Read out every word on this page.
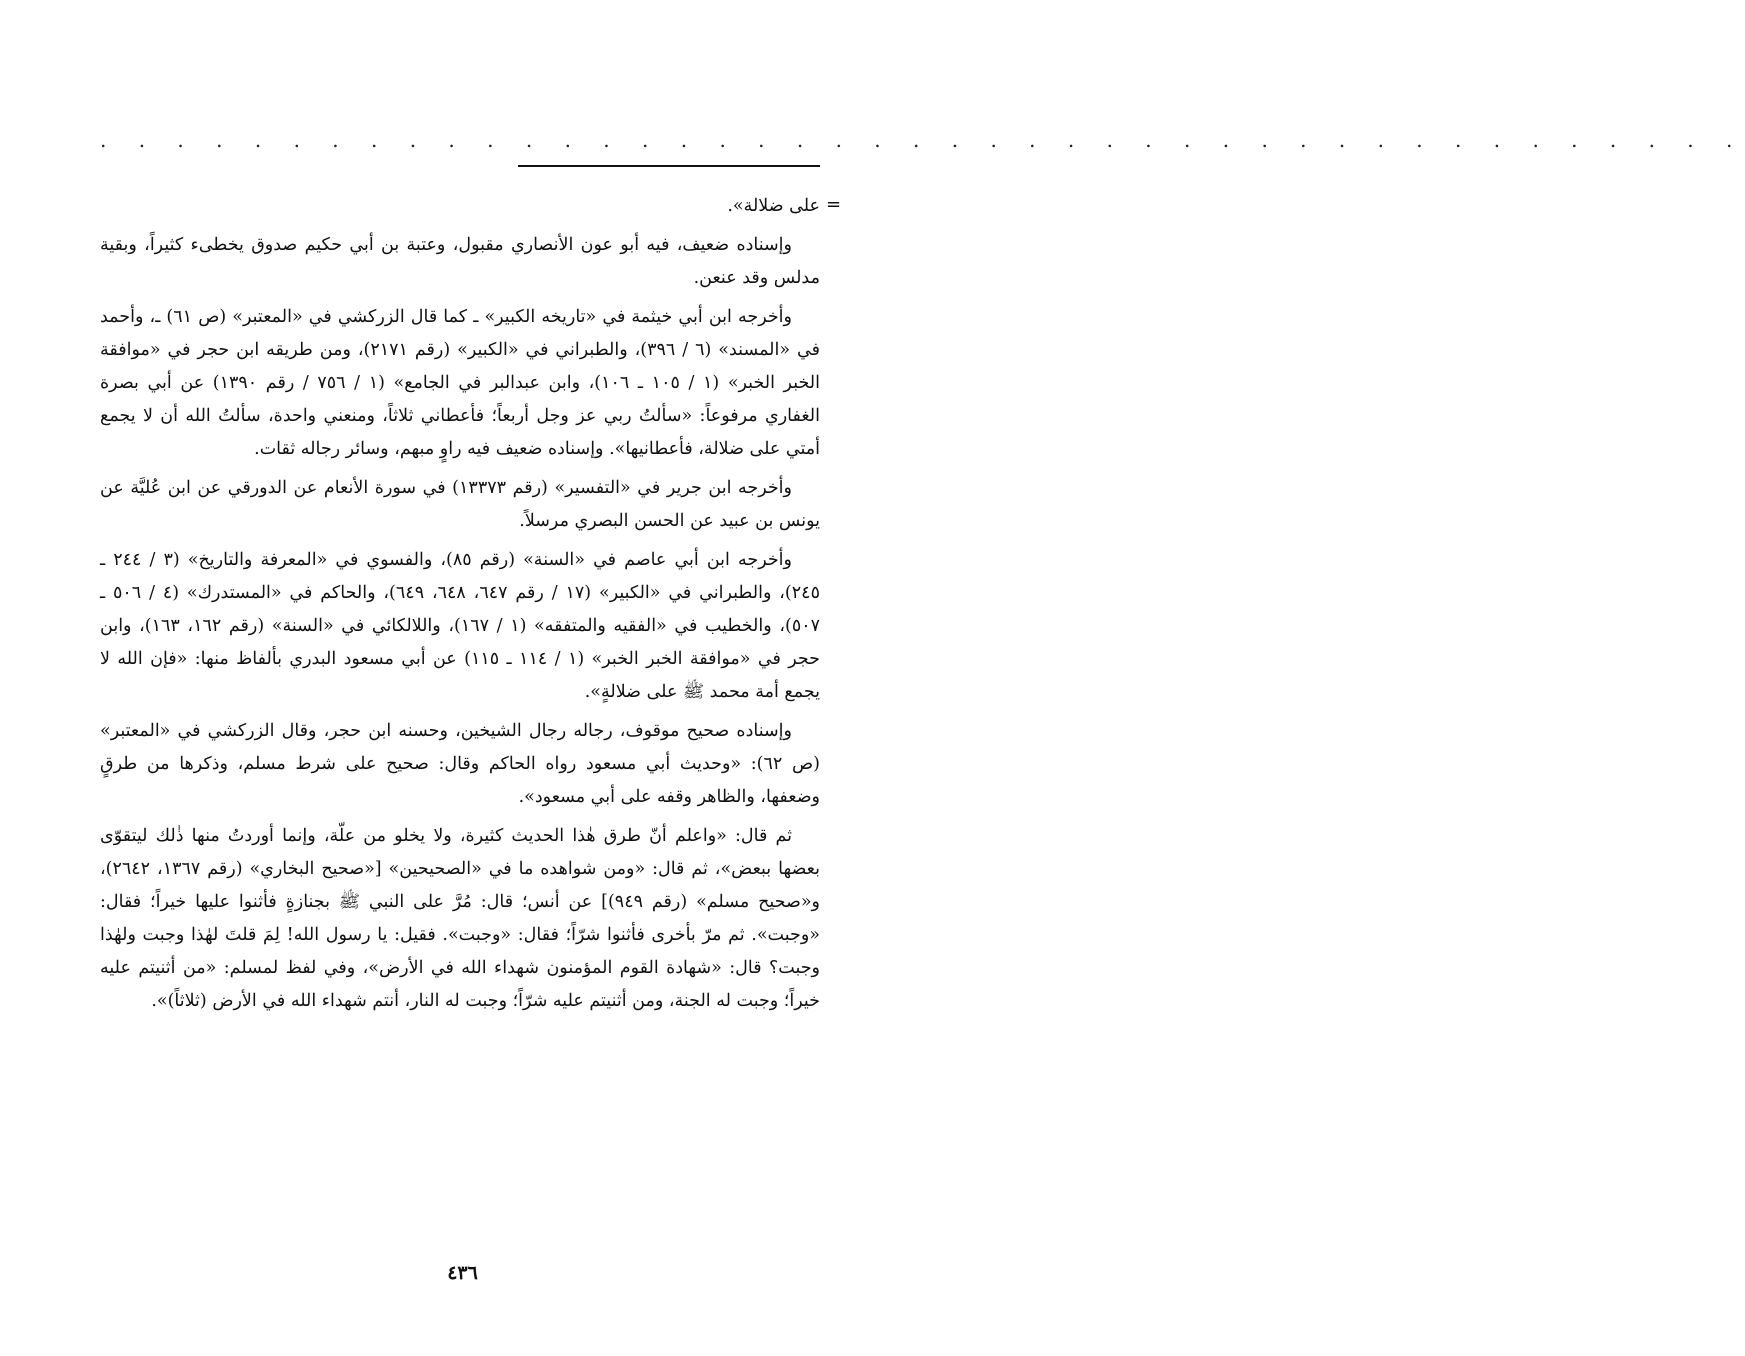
. . . . . . . . . . . . . . . . . . . . . . . . . . . . . . . . . . . . . . . . . . .
=

على ضلالة».

وإسناده ضعيف، فيه أبو عون الأنصاري مقبول، وعتبة بن أبي حكيم صدوق يخطىء كثيراً، وبقية مدلس وقد عنعن.

وأخرجه ابن أبي خيثمة في «تاريخه الكبير» ـ كما قال الزركشي في «المعتبر» (ص ٦١) ـ، وأحمد في «المسند» (٦ / ٣٩٦)، والطبراني في «الكبير» (رقم ٢١٧١)، ومن طريقه ابن حجر في «موافقة الخبر الخبر» (١ / ١٠٥ ـ ١٠٦)، وابن عبدالبر في الجامع» (١ / ٧٥٦ / رقم ١٣٩٠) عن أبي بصرة الغفاري مرفوعاً: «سألتُ ربي عز وجل أربعاً؛ فأعطاني ثلاثاً، ومنعني واحدة، سألتُ الله أن لا يجمع أمتي على ضلالة، فأعطانيها». وإسناده ضعيف فيه راوٍ مبهم، وسائر رجاله ثقات.

وأخرجه ابن جرير في «التفسير» (رقم ١٣٣٧٣) في سورة الأنعام عن الدورقي عن ابن عُليَّة عن يونس بن عبيد عن الحسن البصري مرسلاً.

وأخرجه ابن أبي عاصم في «السنة» (رقم ٨٥)، والفسوي في «المعرفة والتاريخ» (٣ / ٢٤٤ ـ ٢٤٥)، والطبراني في «الكبير» (١٧ / رقم ٦٤٧، ٦٤٨، ٦٤٩)، والحاكم في «المستدرك» (٤ / ٥٠٦ ـ ٥٠٧)، والخطيب في «الفقيه والمتفقه» (١ / ١٦٧)، واللالكائي في «السنة» (رقم ١٦٢، ١٦٣)، وابن حجر في «موافقة الخبر الخبر» (١ / ١١٤ ـ ١١٥) عن أبي مسعود البدري بألفاظ منها: «فإن الله لا يجمع أمة محمد ﷺ على ضلالةٍ».

وإسناده صحيح موقوف، رجاله رجال الشيخين، وحسنه ابن حجر، وقال الزركشي في «المعتبر» (ص ٦٢): «وحديث أبي مسعود رواه الحاكم وقال: صحيح على شرط مسلم، وذكرها من طرقٍ وضعفها، والظاهر وقفه على أبي مسعود».

ثم قال: «واعلم أنّ طرق هٰذا الحديث كثيرة، ولا يخلو من علّة، وإنما أوردتُ منها ذٰلك ليتقوّى بعضها ببعض»، ثم قال: «ومن شواهده ما في «الصحيحين» [«صحيح البخاري» (رقم ١٣٦٧، ٢٦٤٢)، و«صحيح مسلم» (رقم ٩٤٩)] عن أنس؛ قال: مُرَّ على النبي ﷺ بجنازةٍ فأثنوا عليها خيراً؛ فقال: «وجبت». ثم مرّ بأخرى فأثنوا شرّاً؛ فقال: «وجبت». فقيل: يا رسول الله! لِمَ قلتَ لهٰذا وجبت ولهٰذا وجبت؟ قال: «شهادة القوم المؤمنون شهداء الله في الأرض»، وفي لفظ لمسلم: «من أثنيتم عليه خيراً؛ وجبت له الجنة، ومن أثنيتم عليه شرّاً؛ وجبت له النار، أنتم شهداء الله في الأرض (ثلاثاً)».

٤٣٦
